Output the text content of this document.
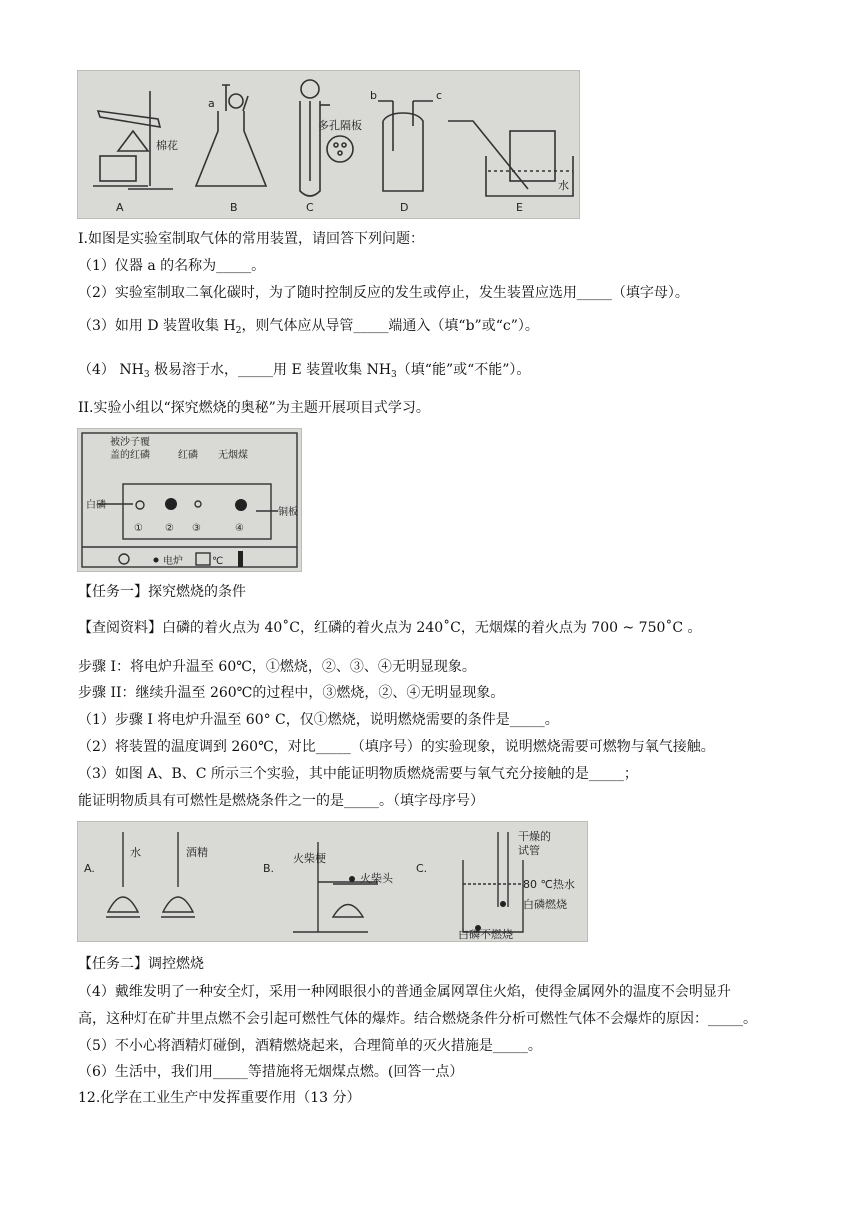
A	B	C	D	E
棉花
多孔隔板
水
a
b	c
I.如图是实验室制取气体的常用装置，请回答下列问题：
（1）仪器 a 的名称为_____。
（2）实验室制取二氧化碳时，为了随时控制反应的发生或停止，发生装置应选用_____（填字母）。
（3）如用 D 装置收集 $H_2$，则气体应从导管_____端通入（填“b”或“c”）。
（4） $NH_3$ 极易溶于水，_____用 E 装置收集 $NH_3$（填“能”或“不能”）。
II.实验小组以“探究燃烧的奥秘”为主题开展项目式学习。
被沙子覆
盖的红磷	红磷 无烟煤
白磷
铜板
① ② ③	④
电炉	℃
【任务一】探究燃烧的条件
【查阅资料】白磷的着火点为 40˚C，红磷的着火点为 240˚C，无烟煤的着火点为 700 ~ 750˚C 。
步骤 I：将电炉升温至 60℃，①燃烧，②、③、④无明显现象。
步骤 II：继续升温至 260℃的过程中，③燃烧，②、④无明显现象。
（1）步骤 I 将电炉升温至 60° C，仅①燃烧，说明燃烧需要的条件是_____。
（2）将装置的温度调到 260℃，对比_____（填序号）的实验现象，说明燃烧需要可燃物与氧气接触。
（3）如图 A、B、C 所示三个实验，其中能证明物质燃烧需要与氧气充分接触的是_____；
能证明物质具有可燃性是燃烧条件之一的是_____。（填字母序号）
A.
水	酒精
B.
火柴梗
火柴头
C.
干燥的
试管
80 ℃热水
白磷燃烧
白磷不燃烧
【任务二】调控燃烧
（4）戴维发明了一种安全灯，采用一种网眼很小的普通金属网罩住火焰，使得金属网外的温度不会明显升
高，这种灯在矿井里点燃不会引起可燃性气体的爆炸。结合燃烧条件分析可燃性气体不会爆炸的原因：_____。
（5）不小心将酒精灯碰倒，酒精燃烧起来，合理简单的灭火措施是_____。
（6）生活中，我们用_____等措施将无烟煤点燃。(回答一点）
12.化学在工业生产中发挥重要作用（13 分）
